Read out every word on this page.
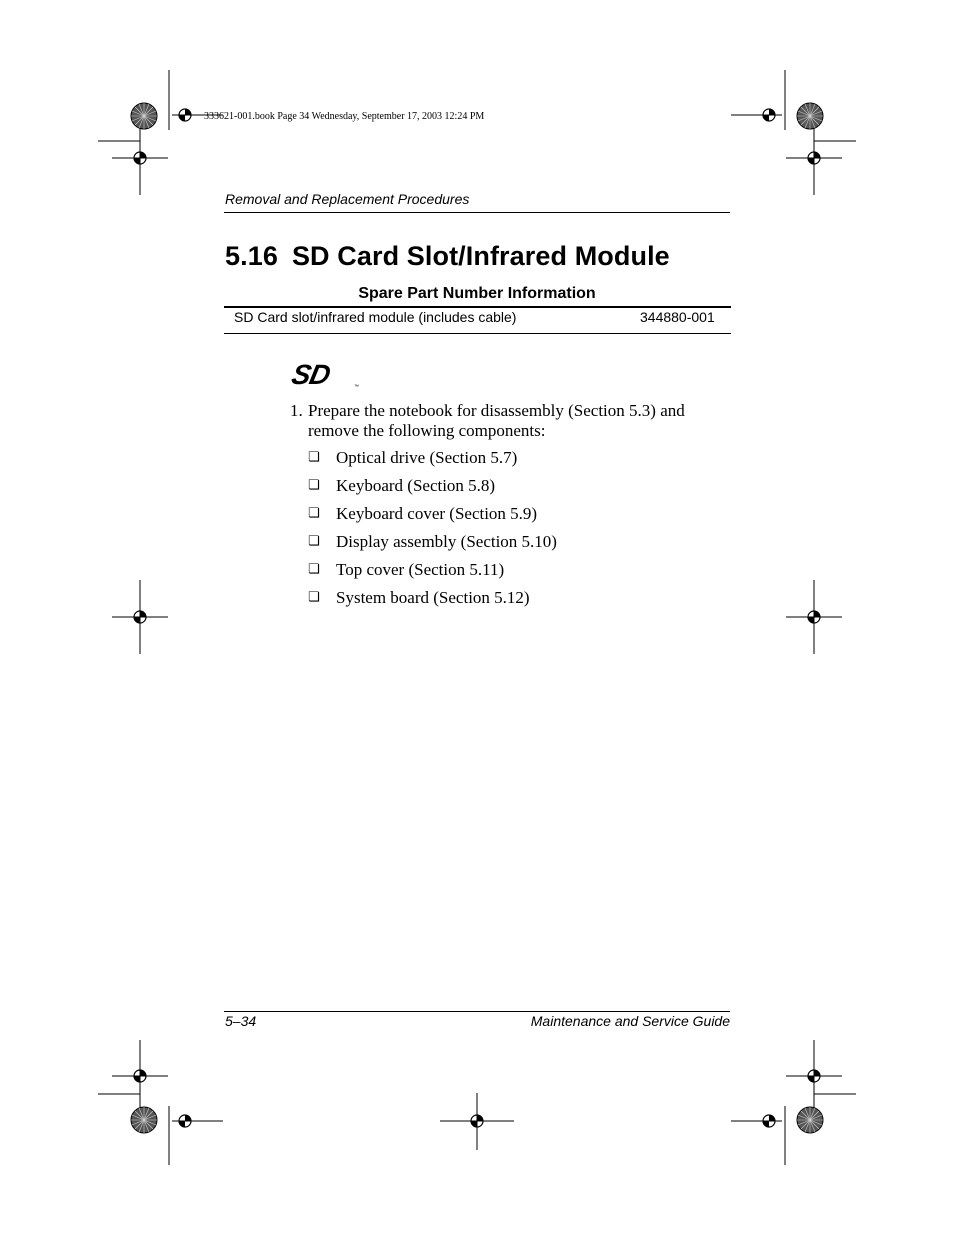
333621-001.book Page 34 Wednesday, September 17, 2003 12:24 PM
Removal and Replacement Procedures
5.16 SD Card Slot/Infrared Module
Spare Part Number Information
SD Card slot/infrared module (includes cable)	344880-001
SD	™
1. Prepare the notebook for disassembly (Section 5.3) and remove the following components:
❏ Optical drive (Section 5.7)
❏ Keyboard (Section 5.8)
❏ Keyboard cover (Section 5.9)
❏ Display assembly (Section 5.10)
❏ Top cover (Section 5.11)
❏ System board (Section 5.12)
5–34	Maintenance and Service Guide
